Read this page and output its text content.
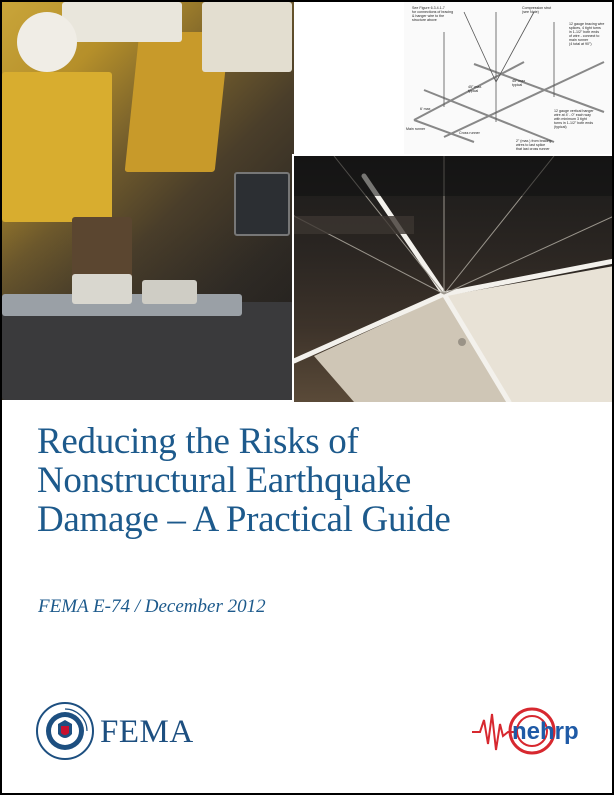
See Figure 6.3.4.1-7
for connections of bracing
& hanger wire to the
structure above
Compression strut
(see Note)
12 gauge bracing wire
splices, 4 tight turns
in 1-1/2" both ends
of wire - connect to
main runner
(4 total at 90°)
45° max.
typical
45° max
typical
6' max
Main runner
Cross runner
12 gauge vertical hanger
wire at 4' - 0" each way
with minimum 3 tight
turns in 1-1/2" both ends
(typical)
2" (max.) from bracing
wires to last splice
that last cross runner
Reducing the Risks of
Nonstructural Earthquake
Damage – A Practical Guide

FEMA E-74 / December 2012

FEMA	nehrp
